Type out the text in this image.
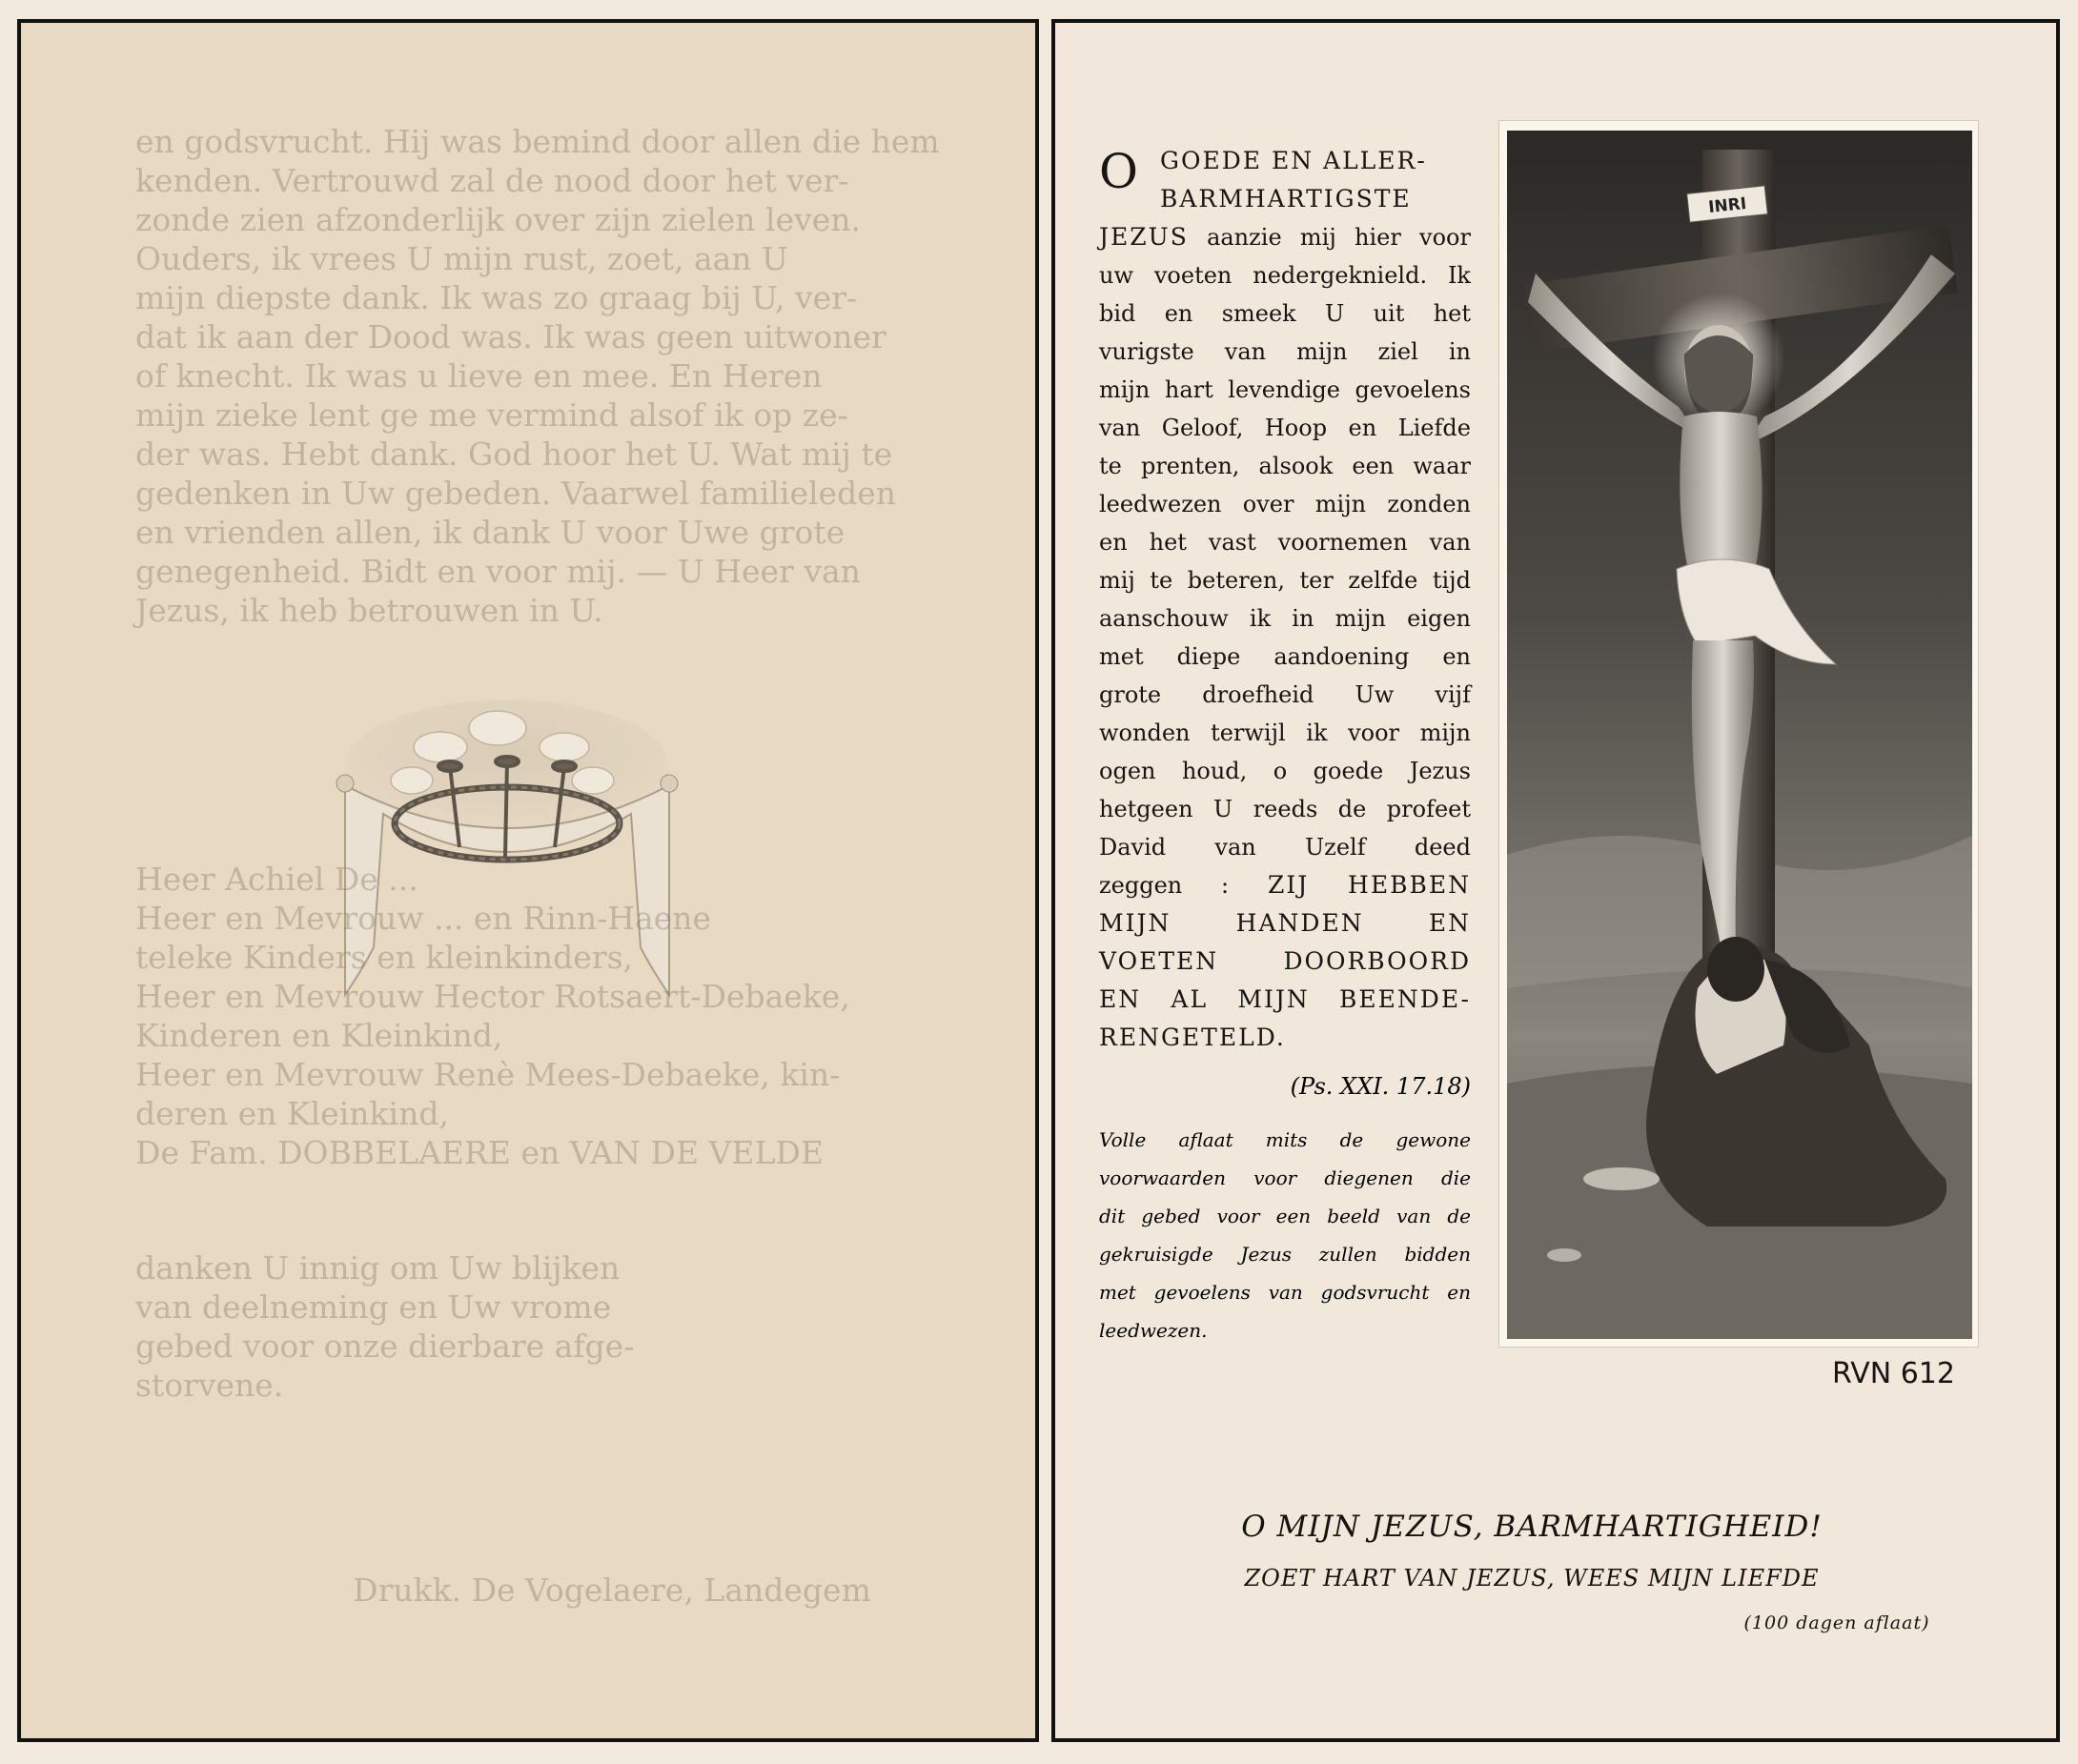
en godsvrucht. Hij was bemind door allen die hem
kenden. Vertrouwd zal de nood door het ver-
zonde zien afzonderlijk over zijn zielen leven.
Ouders, ik vrees U mijn rust, zoet, aan U
mijn diepste dank. Ik was zo graag bij U, ver-
dat ik aan der Dood was. Ik was geen uitwoner
of knecht. Ik was u lieve en mee. En Heren
mijn zieke lent ge me vermind alsof ik op ze-
der was. Hebt dank. God hoor het U. Wat mij te
gedenken in Uw gebeden. Vaarwel familieleden
en vrienden allen, ik dank U voor Uwe grote
genegenheid. Bidt en voor mij. — U Heer van
Jezus, ik heb betrouwen in U.
Heer Achiel De ...
Heer en Mevrouw ... en Rinn-Haene
teleke Kinders en kleinkinders,
Heer en Mevrouw Hector Rotsaert-Debaeke,
Kinderen en Kleinkind,
Heer en Mevrouw Renè Mees-Debaeke, kin-
deren en Kleinkind,
De Fam. DOBBELAERE en VAN DE VELDE
danken U innig om Uw blijken
van deelneming en Uw vrome
gebed voor onze dierbare afge-
storvene.
Drukk. De Vogelaere, Landegem
O GOEDE EN ALLER-
BARMHARTIGSTE
JEZUS aanzie mij hier voor
uw voeten nedergeknield. Ik
bid en smeek U uit het
vurigste van mijn ziel in
mijn hart levendige gevoelens
van Geloof, Hoop en Liefde
te prenten, alsook een waar
leedwezen over mijn zonden
en het vast voornemen van
mij te beteren, ter zelfde tijd
aanschouw ik in mijn eigen
met diepe aandoening en
grote droefheid Uw vijf
wonden terwijl ik voor mijn
ogen houd, o goede Jezus
hetgeen U reeds de profeet
David van Uzelf deed
zeggen : ZIJ HEBBEN
MIJN	HANDEN	EN
VOETEN	DOORBOORD
EN AL MIJN BEENDE-
REN GETELD.
(Ps. XXI. 17.18)
Volle aflaat mits de gewone
voorwaarden voor diegenen die
dit gebed voor een beeld van de
gekruisigde Jezus zullen bidden
met gevoelens van godsvrucht en
leedwezen.
INRI
RVN 612
O MIJN JEZUS, BARMHARTIGHEID!
ZOET HART VAN JEZUS, WEES MIJN LIEFDE
(100 dagen aflaat)
